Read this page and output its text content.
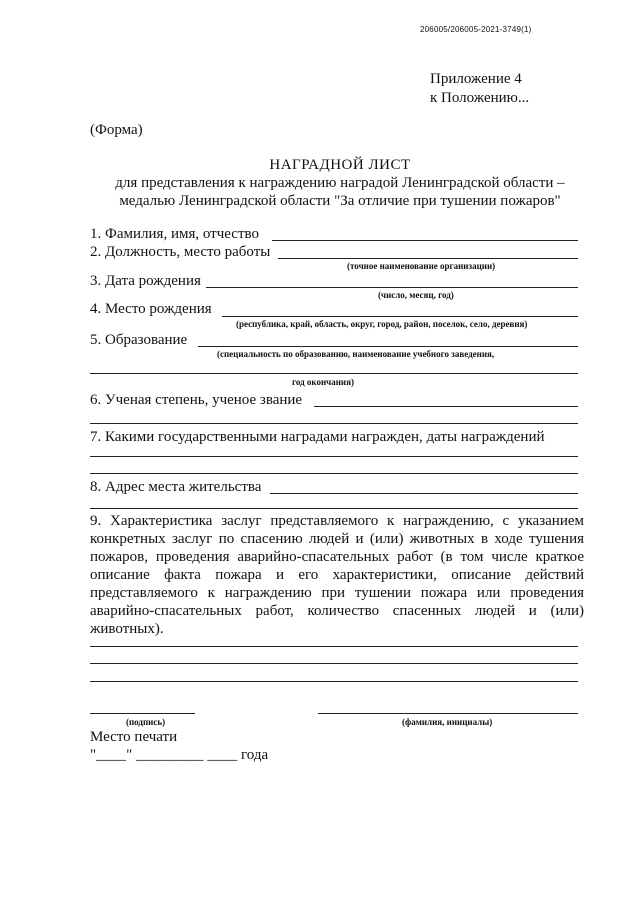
206005/206005-2021-3749(1)
Приложение 4
к Положению...
(Форма)
НАГРАДНОЙ ЛИСТ
для представления к награждению наградой Ленинградской области –
медалью Ленинградской области "За отличие при тушении пожаров"
1. Фамилия, имя, отчество
2. Должность, место работы
(точное наименование организации)
3. Дата рождения
(число, месяц, год)
4. Место рождения
(республика, край, область, округ, город, район, поселок, село, деревня)
5. Образование
(специальность по образованию, наименование учебного заведения,
год окончания)
6. Ученая степень, ученое звание
7. Какими государственными наградами награжден, даты награждений
8. Адрес места жительства
9. Характеристика заслуг представляемого к награждению, с указанием конкретных заслуг по спасению людей и (или) животных в ходе тушения пожаров, проведения аварийно-спасательных работ (в том числе краткое описание факта пожара и его характеристики, описание действий представляемого к награждению при тушении пожара или проведения аварийно-спасательных работ, количество спасенных людей и (или) животных).
(подпись)	(фамилия, инициалы)
Место печати
"____" _________ ____ года
